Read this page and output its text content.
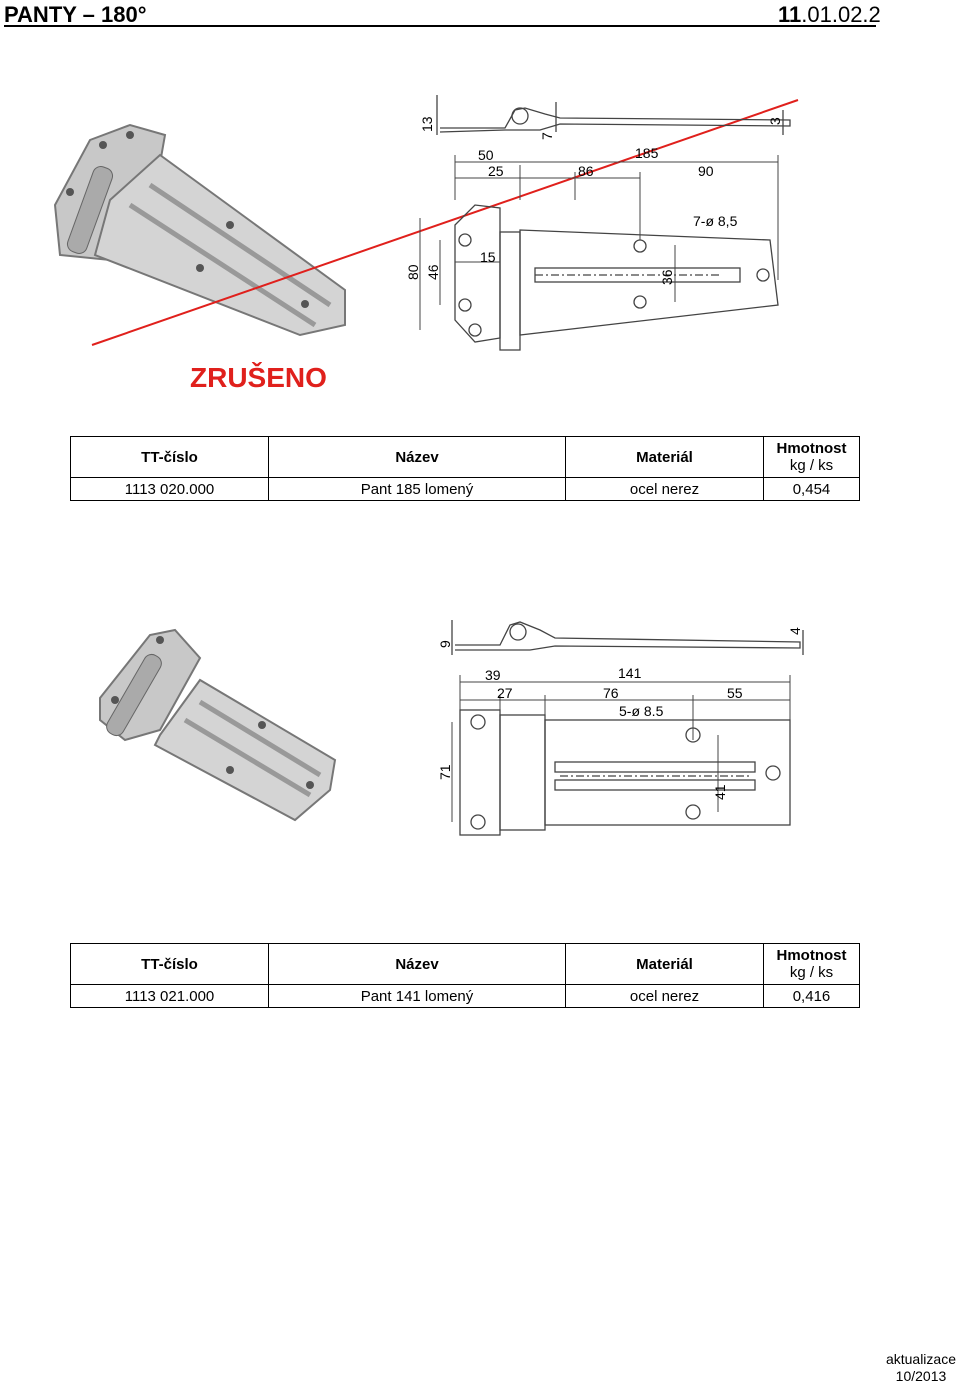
PANTY – 180°	11.01.02.2
13
7
3
50	185
25	86	90
7-ø 8,5
15
80 46	36
ZRUŠENO
TT-číslo	Název	Materiál	Hmotnost
kg / ks

1113 020.000	Pant 185 lomený	ocel nerez	0,454
9
4
39	141
27	76	55
5-ø 8.5
71
41
TT-číslo	Název	Materiál	Hmotnost
kg / ks

1113 021.000	Pant 141 lomený	ocel nerez	0,416
aktualizace
10/2013
